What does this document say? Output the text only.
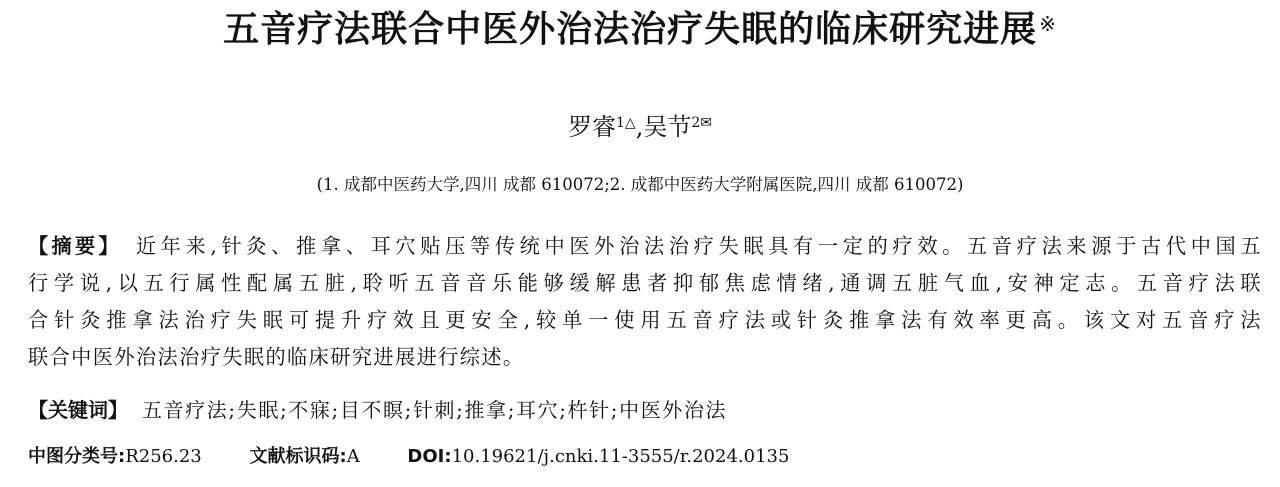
五音疗法联合中医外治法治疗失眠的临床研究进展 ※
罗睿$^{1\triangle}$,吴节$^{2✉}$
(1. 成都中医药大学,四川 成都 610072;2. 成都中医药大学附属医院,四川 成都 610072)
【摘要】 近年来,针灸、推拿、耳穴贴压等传统中医外治法治疗失眠具有一定的疗效。五音疗法来源于古代中国五
行学说,以五行属性配属五脏,聆听五音音乐能够缓解患者抑郁焦虑情绪,通调五脏气血,安神定志。五音疗法联
合针灸推拿法治疗失眠可提升疗效且更安全,较单一使用五音疗法或针灸推拿法有效率更高。该文对五音疗法
联合中医外治法治疗失眠的临床研究进展进行综述。
【关键词】 五音疗法;失眠;不寐;目不瞑;针刺;推拿;耳穴;杵针;中医外治法
中图分类号:R256.23	文献标识码:A	DOI:10.19621/j.cnki.11-3555/r.2024.0135
